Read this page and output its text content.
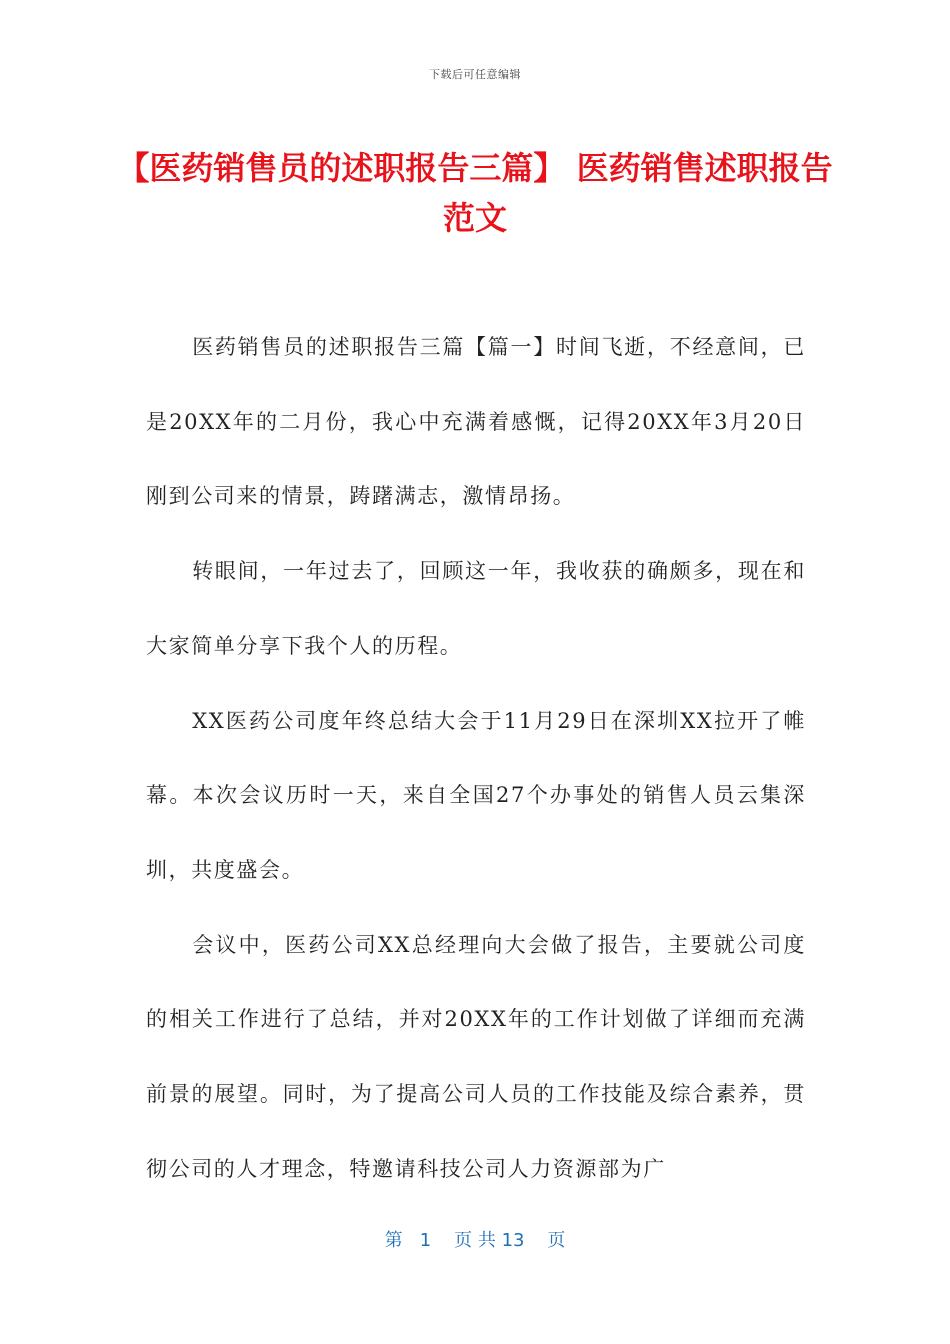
下载后可任意编辑
【医药销售员的述职报告三篇】 医药销售述职报告范文

医药销售员的述职报告三篇【篇一】时间飞逝，不经意间，已是20XX年的二月份，我心中充满着感慨，记得20XX年3月20日刚到公司来的情景，踌躇满志，激情昂扬。

转眼间，一年过去了，回顾这一年，我收获的确颇多，现在和大家简单分享下我个人的历程。

XX医药公司度年终总结大会于11月29日在深圳XX拉开了帷幕。本次会议历时一天，来自全国27个办事处的销售人员云集深圳，共度盛会。

会议中，医药公司XX总经理向大会做了报告，主要就公司度的相关工作进行了总结，并对20XX年的工作计划做了详细而充满前景的展望。同时，为了提高公司人员的工作技能及综合素养，贯彻公司的人才理念，特邀请科技公司人力资源部为广

第 1 页 共 13 页
